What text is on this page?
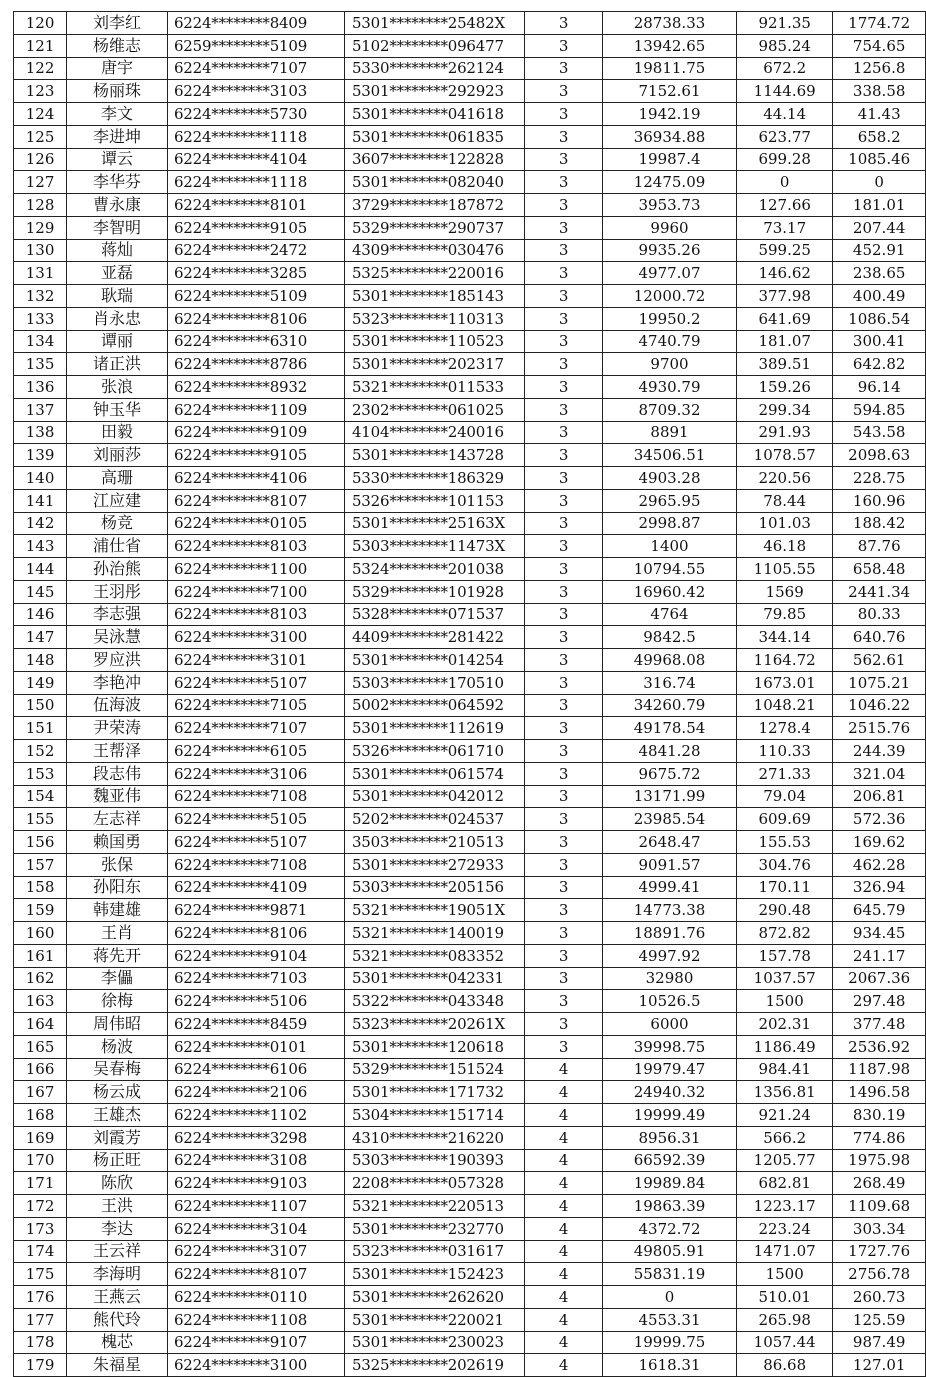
120	刘李红	6224********8409	5301********25482X	3	28738.33	921.35	1774.72
121	杨维志	6259********5109	5102********096477	3	13942.65	985.24	754.65
122	唐宇	6224********7107	5330********262124	3	19811.75	672.2	1256.8
123	杨丽珠	6224********3103	5301********292923	3	7152.61	1144.69	338.58
124	李文	6224********5730	5301********041618	3	1942.19	44.14	41.43
125	李进坤	6224********1118	5301********061835	3	36934.88	623.77	658.2
126	谭云	6224********4104	3607********122828	3	19987.4	699.28	1085.46
127	李华芬	6224********1118	5301********082040	3	12475.09	0	0
128	曹永康	6224********8101	3729********187872	3	3953.73	127.66	181.01
129	李智明	6224********9105	5329********290737	3	9960	73.17	207.44
130	蒋灿	6224********2472	4309********030476	3	9935.26	599.25	452.91
131	亚磊	6224********3285	5325********220016	3	4977.07	146.62	238.65
132	耿瑞	6224********5109	5301********185143	3	12000.72	377.98	400.49
133	肖永忠	6224********8106	5323********110313	3	19950.2	641.69	1086.54
134	谭丽	6224********6310	5301********110523	3	4740.79	181.07	300.41
135	诸正洪	6224********8786	5301********202317	3	9700	389.51	642.82
136	张浪	6224********8932	5321********011533	3	4930.79	159.26	96.14
137	钟玉华	6224********1109	2302********061025	3	8709.32	299.34	594.85
138	田毅	6224********9109	4104********240016	3	8891	291.93	543.58
139	刘丽莎	6224********9105	5301********143728	3	34506.51	1078.57	2098.63
140	高珊	6224********4106	5330********186329	3	4903.28	220.56	228.75
141	江应建	6224********8107	5326********101153	3	2965.95	78.44	160.96
142	杨竞	6224********0105	5301********25163X	3	2998.87	101.03	188.42
143	浦仕省	6224********8103	5303********11473X	3	1400	46.18	87.76
144	孙治熊	6224********1100	5324********201038	3	10794.55	1105.55	658.48
145	王羽彤	6224********7100	5329********101928	3	16960.42	1569	2441.34
146	李志强	6224********8103	5328********071537	3	4764	79.85	80.33
147	吴泳慧	6224********3100	4409********281422	3	9842.5	344.14	640.76
148	罗应洪	6224********3101	5301********014254	3	49968.08	1164.72	562.61
149	李艳冲	6224********5107	5303********170510	3	316.74	1673.01	1075.21
150	伍海波	6224********7105	5002********064592	3	34260.79	1048.21	1046.22
151	尹荣涛	6224********7107	5301********112619	3	49178.54	1278.4	2515.76
152	王帮泽	6224********6105	5326********061710	3	4841.28	110.33	244.39
153	段志伟	6224********3106	5301********061574	3	9675.72	271.33	321.04
154	魏亚伟	6224********7108	5301********042012	3	13171.99	79.04	206.81
155	左志祥	6224********5105	5202********024537	3	23985.54	609.69	572.36
156	赖国勇	6224********5107	3503********210513	3	2648.47	155.53	169.62
157	张保	6224********7108	5301********272933	3	9091.57	304.76	462.28
158	孙阳东	6224********4109	5303********205156	3	4999.41	170.11	326.94
159	韩建雄	6224********9871	5321********19051X	3	14773.38	290.48	645.79
160	王肖	6224********8106	5321********140019	3	18891.76	872.82	934.45
161	蒋先开	6224********9104	5321********083352	3	4997.92	157.78	241.17
162	李儡	6224********7103	5301********042331	3	32980	1037.57	2067.36
163	徐梅	6224********5106	5322********043348	3	10526.5	1500	297.48
164	周伟昭	6224********8459	5323********20261X	3	6000	202.31	377.48
165	杨波	6224********0101	5301********120618	3	39998.75	1186.49	2536.92
166	吴春梅	6224********6106	5329********151524	4	19979.47	984.41	1187.98
167	杨云成	6224********2106	5301********171732	4	24940.32	1356.81	1496.58
168	王雄杰	6224********1102	5304********151714	4	19999.49	921.24	830.19
169	刘霞芳	6224********3298	4310********216220	4	8956.31	566.2	774.86
170	杨正旺	6224********3108	5303********190393	4	66592.39	1205.77	1975.98
171	陈欣	6224********9103	2208********057328	4	19989.84	682.81	268.49
172	王洪	6224********1107	5321********220513	4	19863.39	1223.17	1109.68
173	李达	6224********3104	5301********232770	4	4372.72	223.24	303.34
174	王云祥	6224********3107	5323********031617	4	49805.91	1471.07	1727.76
175	李海明	6224********8107	5301********152423	4	55831.19	1500	2756.78
176	王燕云	6224********0110	5301********262620	4	0	510.01	260.73
177	熊代玲	6224********1108	5301********220021	4	4553.31	265.98	125.59
178	槐芯	6224********9107	5301********230023	4	19999.75	1057.44	987.49
179	朱福星	6224********3100	5325********202619	4	1618.31	86.68	127.01
